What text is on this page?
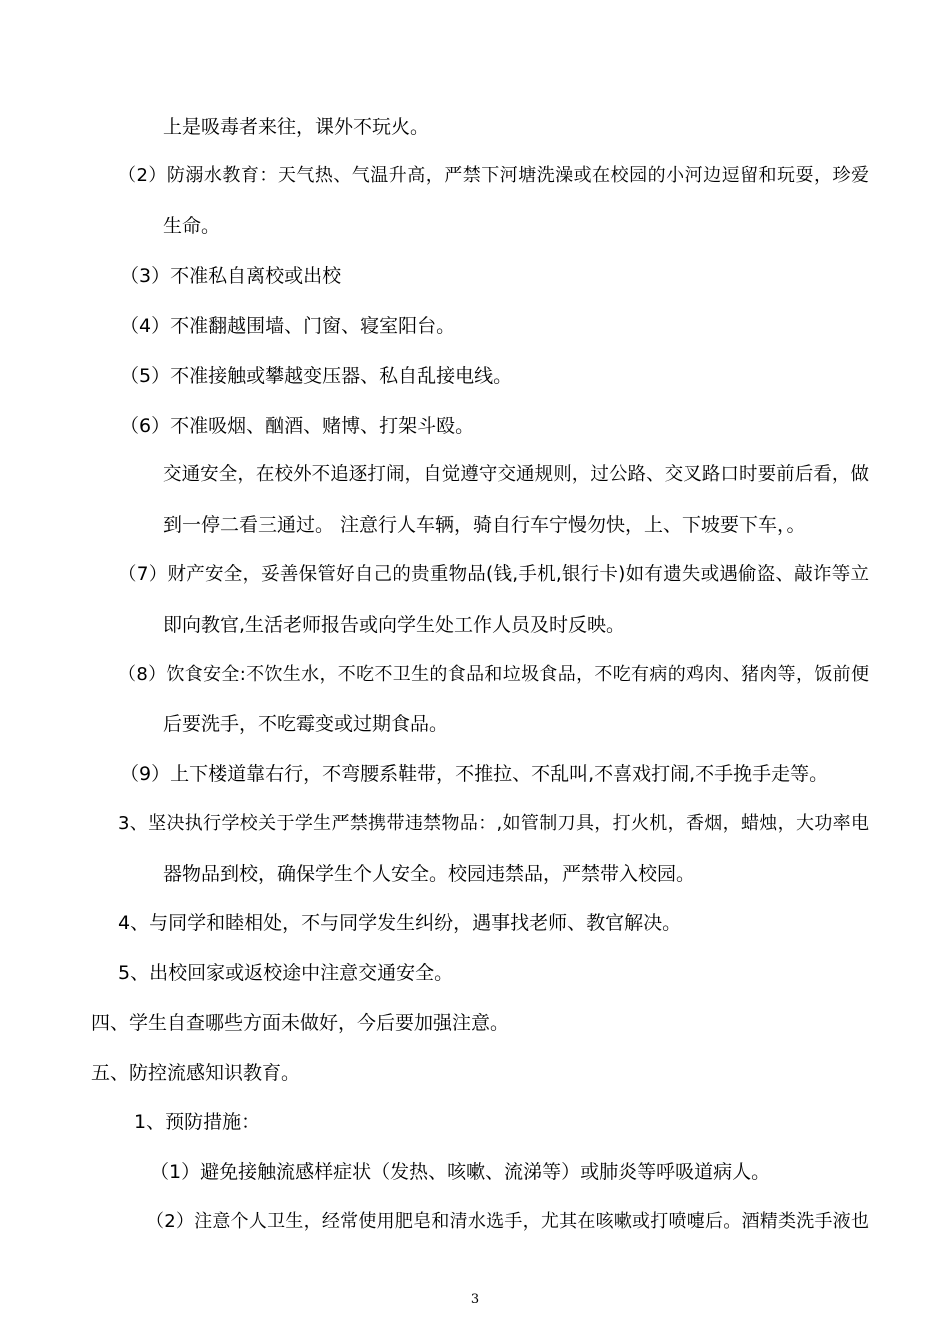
上是吸毒者来往，课外不玩火。
（2）防溺水教育：天气热、气温升高，严禁下河塘洗澡或在校园的小河边逗留和玩耍，珍爱
生命。
（3）不准私自离校或出校
（4）不准翻越围墙、门窗、寝室阳台。
（5）不准接触或攀越变压器、私自乱接电线。
（6）不准吸烟、酗酒、赌博、打架斗殴。
交通安全，在校外不追逐打闹，自觉遵守交通规则，过公路、交叉路口时要前后看，做
到一停二看三通过。 注意行人车辆，骑自行车宁慢勿快，上、下坡要下车，。
（7）财产安全，妥善保管好自己的贵重物品(钱,手机,银行卡)如有遗失或遇偷盗、敲诈等立
即向教官,生活老师报告或向学生处工作人员及时反映。
（8）饮食安全:不饮生水，不吃不卫生的食品和垃圾食品，不吃有病的鸡肉、猪肉等，饭前便
后要洗手，不吃霉变或过期食品。
（9）上下楼道靠右行，不弯腰系鞋带，不推拉、不乱叫,不喜戏打闹,不手挽手走等。
3、坚决执行学校关于学生严禁携带违禁物品：,如管制刀具，打火机，香烟，蜡烛，大功率电
器物品到校，确保学生个人安全。校园违禁品，严禁带入校园。
4、与同学和睦相处，不与同学发生纠纷，遇事找老师、教官解决。
5、出校回家或返校途中注意交通安全。
四、学生自查哪些方面未做好，今后要加强注意。
五、防控流感知识教育。
1、预防措施：
（1）避免接触流感样症状（发热、咳嗽、流涕等）或肺炎等呼吸道病人。
（2）注意个人卫生，经常使用肥皂和清水选手，尤其在咳嗽或打喷嚏后。酒精类洗手液也
3
